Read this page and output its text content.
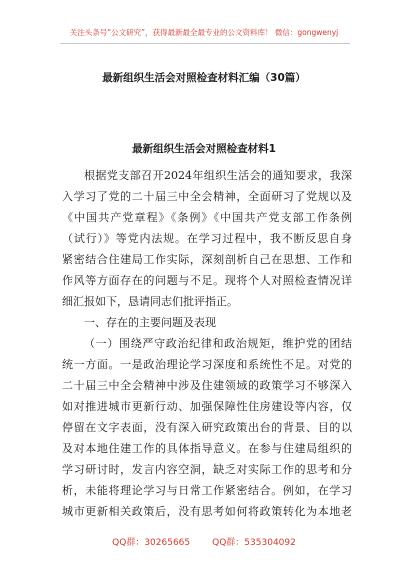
关注头条号“公文研究”，获得最新最全最专业的公文资料库！ 微信：gongwenyj
最新组织生活会对照检查材料汇编（30篇）
最新组织生活会对照检查材料1
根据党支部召开2024年组织生活会的通知要求，我深
入学习了党的二十届三中全会精神，全面研习了党规以及
《中国共产党章程》《条例》《中国共产党支部工作条例
（试行）》等党内法规。在学习过程中，我不断反思自身
紧密结合住建局工作实际，深刻剖析自己在思想、工作和
作风等方面存在的问题与不足。现将个人对照检查情况详
细汇报如下，恳请同志们批评指正。
一、存在的主要问题及表现
（一）围绕严守政治纪律和政治规矩，维护党的团结
统一方面。一是政治理论学习深度和系统性不足。对党的
二十届三中全会精神中涉及住建领域的政策学习不够深入
如对推进城市更新行动、加强保障性住房建设等内容，仅
停留在文字表面，没有深入研究政策出台的背景、目的以
及对本地住建工作的具体指导意义。在参与住建局组织的
学习研讨时，发言内容空洞，缺乏对实际工作的思考和分
析，未能将理论学习与日常工作紧密结合。例如，在学习
城市更新相关政策后，没有思考如何将政策转化为本地老
QQ群：30265665 QQ群：535304092
